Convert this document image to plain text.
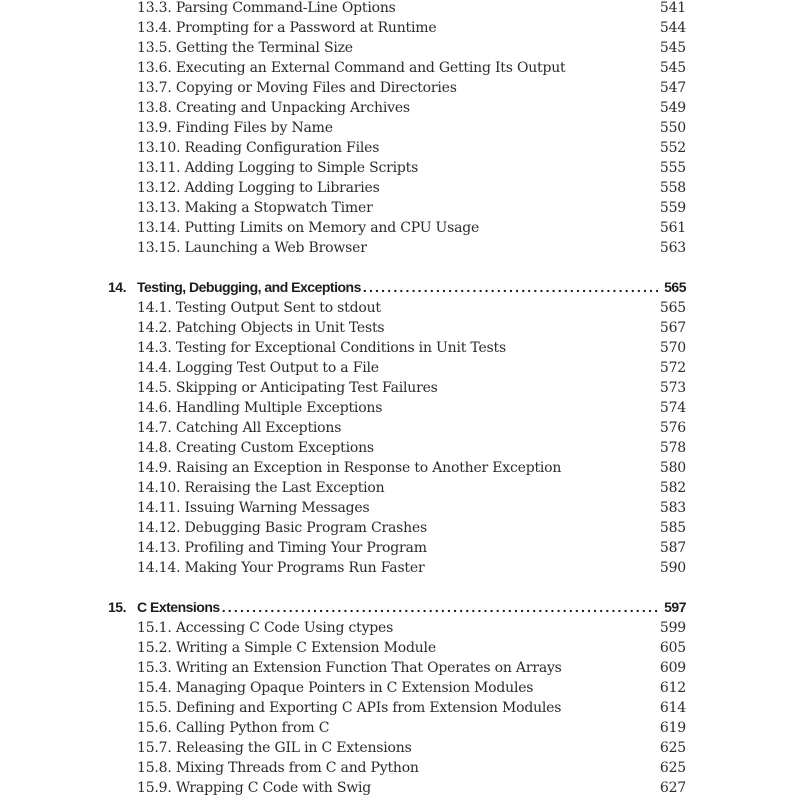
13.3. Parsing Command-Line Options	541
13.4. Prompting for a Password at Runtime	544
13.5. Getting the Terminal Size	545
13.6. Executing an External Command and Getting Its Output	545
13.7. Copying or Moving Files and Directories	547
13.8. Creating and Unpacking Archives	549
13.9. Finding Files by Name	550
13.10. Reading Configuration Files	552
13.11. Adding Logging to Simple Scripts	555
13.12. Adding Logging to Libraries	558
13.13. Making a Stopwatch Timer	559
13.14. Putting Limits on Memory and CPU Usage	561
13.15. Launching a Web Browser	563
14. Testing, Debugging, and Exceptions .....	565
14.1. Testing Output Sent to stdout	565
14.2. Patching Objects in Unit Tests	567
14.3. Testing for Exceptional Conditions in Unit Tests	570
14.4. Logging Test Output to a File	572
14.5. Skipping or Anticipating Test Failures	573
14.6. Handling Multiple Exceptions	574
14.7. Catching All Exceptions	576
14.8. Creating Custom Exceptions	578
14.9. Raising an Exception in Response to Another Exception	580
14.10. Reraising the Last Exception	582
14.11. Issuing Warning Messages	583
14.12. Debugging Basic Program Crashes	585
14.13. Profiling and Timing Your Program	587
14.14. Making Your Programs Run Faster	590
15. C Extensions .....	597
15.1. Accessing C Code Using ctypes	599
15.2. Writing a Simple C Extension Module	605
15.3. Writing an Extension Function That Operates on Arrays	609
15.4. Managing Opaque Pointers in C Extension Modules	612
15.5. Defining and Exporting C APIs from Extension Modules	614
15.6. Calling Python from C	619
15.7. Releasing the GIL in C Extensions	625
15.8. Mixing Threads from C and Python	625
15.9. Wrapping C Code with Swig	627
